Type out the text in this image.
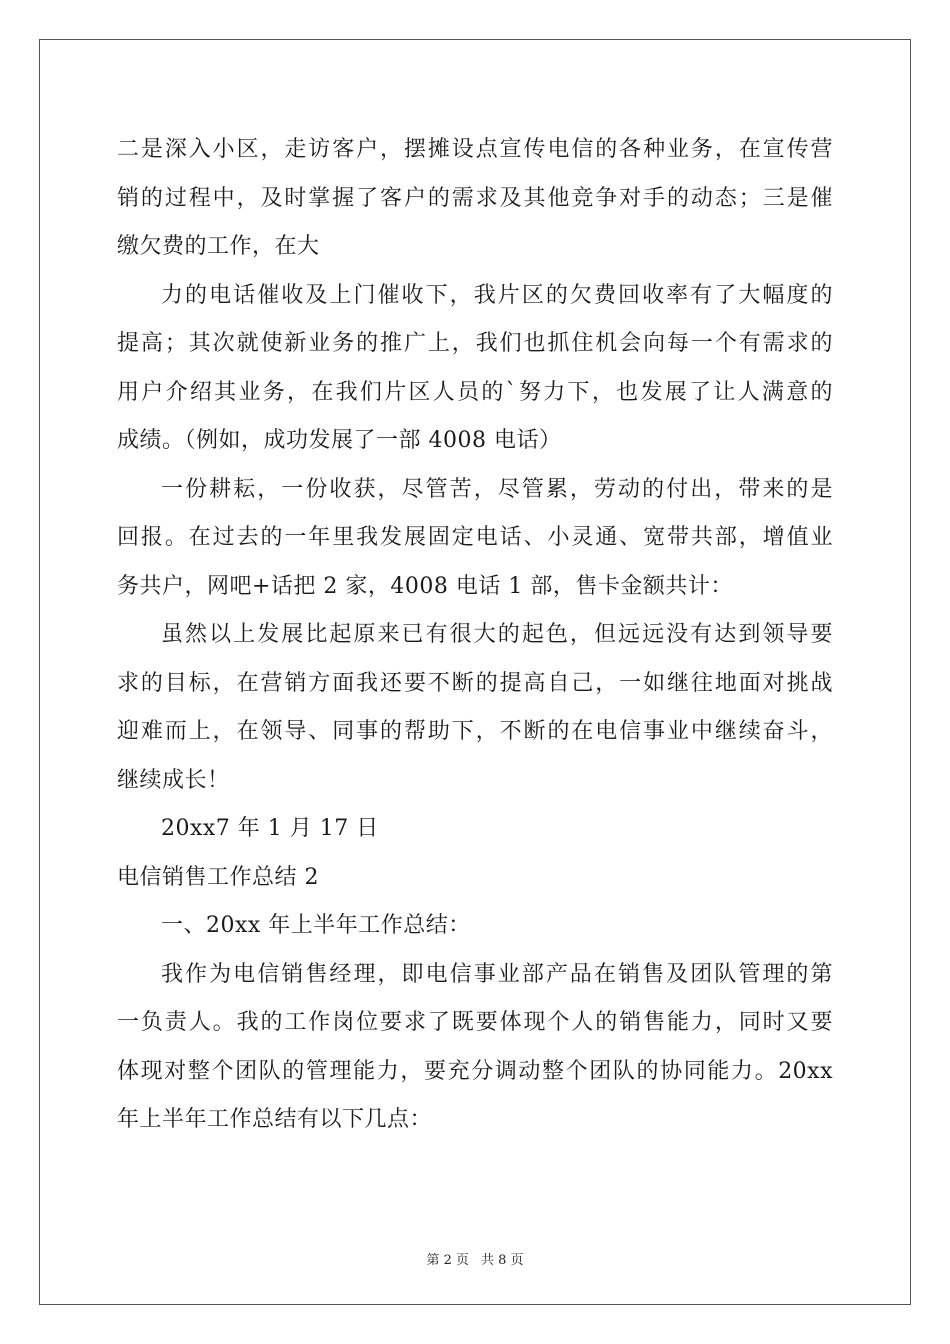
二是深入小区，走访客户，摆摊设点宣传电信的各种业务，在宣传营
销的过程中，及时掌握了客户的需求及其他竞争对手的动态；三是催
缴欠费的工作，在大
力的电话催收及上门催收下，我片区的欠费回收率有了大幅度的
提高；其次就使新业务的推广上，我们也抓住机会向每一个有需求的
用户介绍其业务，在我们片区人员的`努力下，也发展了让人满意的
成绩。（例如，成功发展了一部 4008 电话）
一份耕耘，一份收获，尽管苦，尽管累，劳动的付出，带来的是
回报。在过去的一年里我发展固定电话、小灵通、宽带共部，增值业
务共户，网吧+话把 2 家，4008 电话 1 部，售卡金额共计：
虽然以上发展比起原来已有很大的起色，但远远没有达到领导要
求的目标，在营销方面我还要不断的提高自己，一如继往地面对挑战
迎难而上，在领导、同事的帮助下，不断的在电信事业中继续奋斗，
继续成长！
20xx7 年 1 月 17 日
电信销售工作总结 2
一、20xx 年上半年工作总结：
我作为电信销售经理，即电信事业部产品在销售及团队管理的第
一负责人。我的工作岗位要求了既要体现个人的销售能力，同时又要
体现对整个团队的管理能力，要充分调动整个团队的协同能力。20xx
年上半年工作总结有以下几点：
第 2 页 共 8 页
